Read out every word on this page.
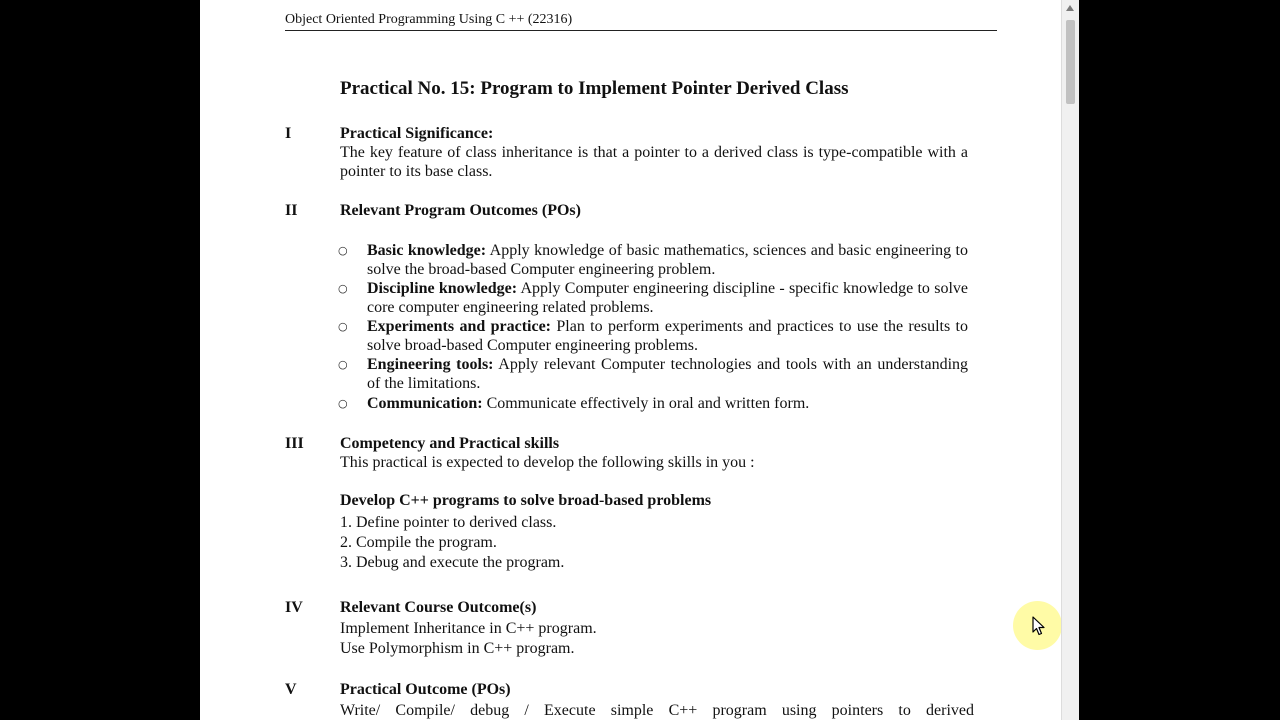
Object Oriented Programming Using C ++ (22316)
Practical No. 15: Program to Implement Pointer Derived Class
I	Practical Significance:
The key feature of class inheritance is that a pointer to a derived class is type-compatible with a pointer to its base class.
II	Relevant Program Outcomes (POs)
○ Basic knowledge: Apply knowledge of basic mathematics, sciences and basic engineering to solve the broad-based Computer engineering problem.
○ Discipline knowledge: Apply Computer engineering discipline - specific knowledge to solve core computer engineering related problems.
○ Experiments and practice: Plan to perform experiments and practices to use the results to solve broad-based Computer engineering problems.
○ Engineering tools: Apply relevant Computer technologies and tools with an understanding of the limitations.
○ Communication: Communicate effectively in oral and written form.
III Competency and Practical skills
This practical is expected to develop the following skills in you :
Develop C++ programs to solve broad-based problems
1. Define pointer to derived class.
2. Compile the program.
3. Debug and execute the program.
IV Relevant Course Outcome(s)
Implement Inheritance in C++ program.
Use Polymorphism in C++ program.
V	Practical Outcome (POs)
Write/ Compile/ debug / Execute simple C++ program using pointers to derived
